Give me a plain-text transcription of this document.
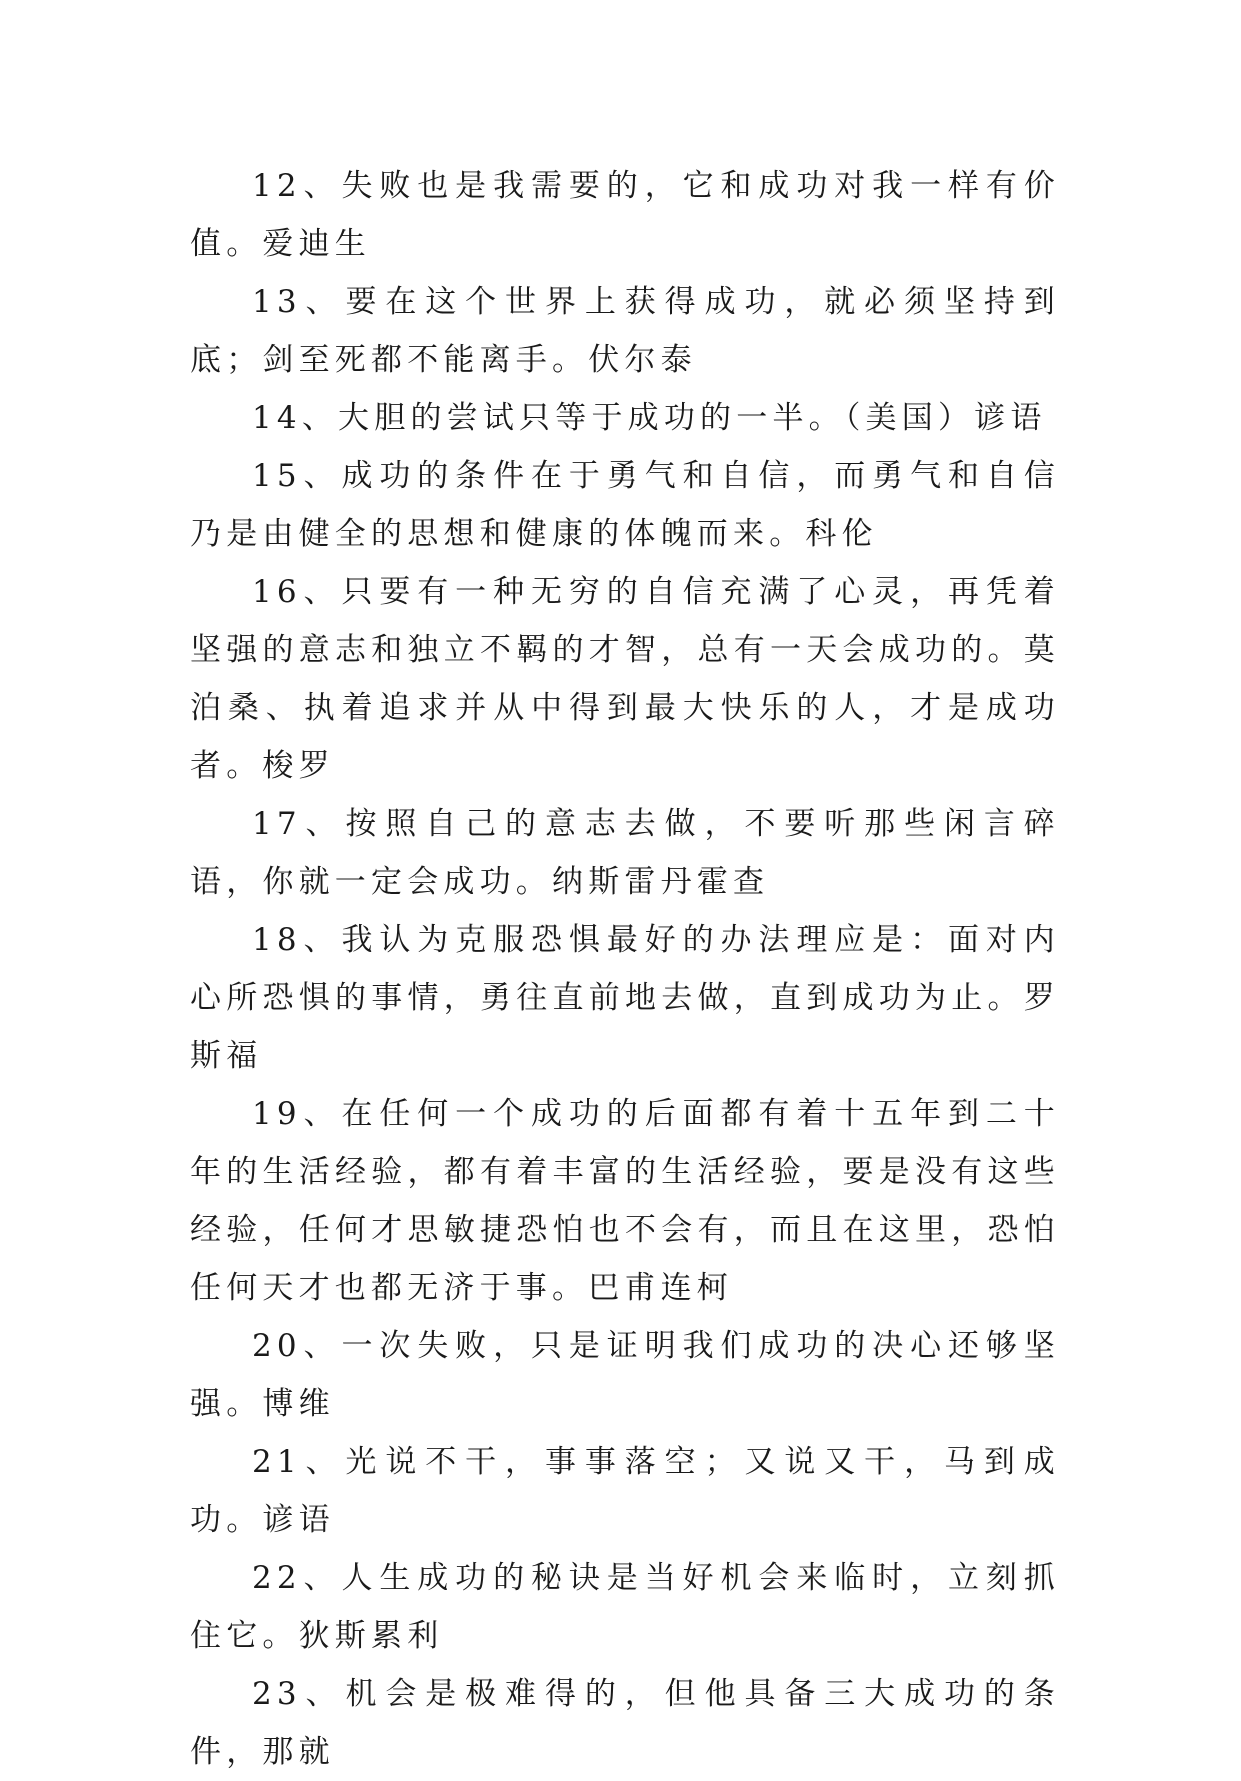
12、失败也是我需要的，它和成功对我一样有价值。爱迪生

13、要在这个世界上获得成功，就必须坚持到底；剑至死都不能离手。伏尔泰

14、大胆的尝试只等于成功的一半。（美国）谚语

15、成功的条件在于勇气和自信，而勇气和自信乃是由健全的思想和健康的体魄而来。科伦

16、只要有一种无穷的自信充满了心灵，再凭着坚强的意志和独立不羁的才智，总有一天会成功的。莫泊桑、执着追求并从中得到最大快乐的人，才是成功者。梭罗

17、按照自己的意志去做，不要听那些闲言碎语，你就一定会成功。纳斯雷丹霍查

18、我认为克服恐惧最好的办法理应是：面对内心所恐惧的事情，勇往直前地去做，直到成功为止。罗斯福

19、在任何一个成功的后面都有着十五年到二十年的生活经验，都有着丰富的生活经验，要是没有这些经验，任何才思敏捷恐怕也不会有，而且在这里，恐怕任何天才也都无济于事。巴甫连柯

20、一次失败，只是证明我们成功的决心还够坚强。博维

21、光说不干，事事落空；又说又干，马到成功。谚语

22、人生成功的秘诀是当好机会来临时，立刻抓住它。狄斯累利

23、机会是极难得的，但他具备三大成功的条件，那就
